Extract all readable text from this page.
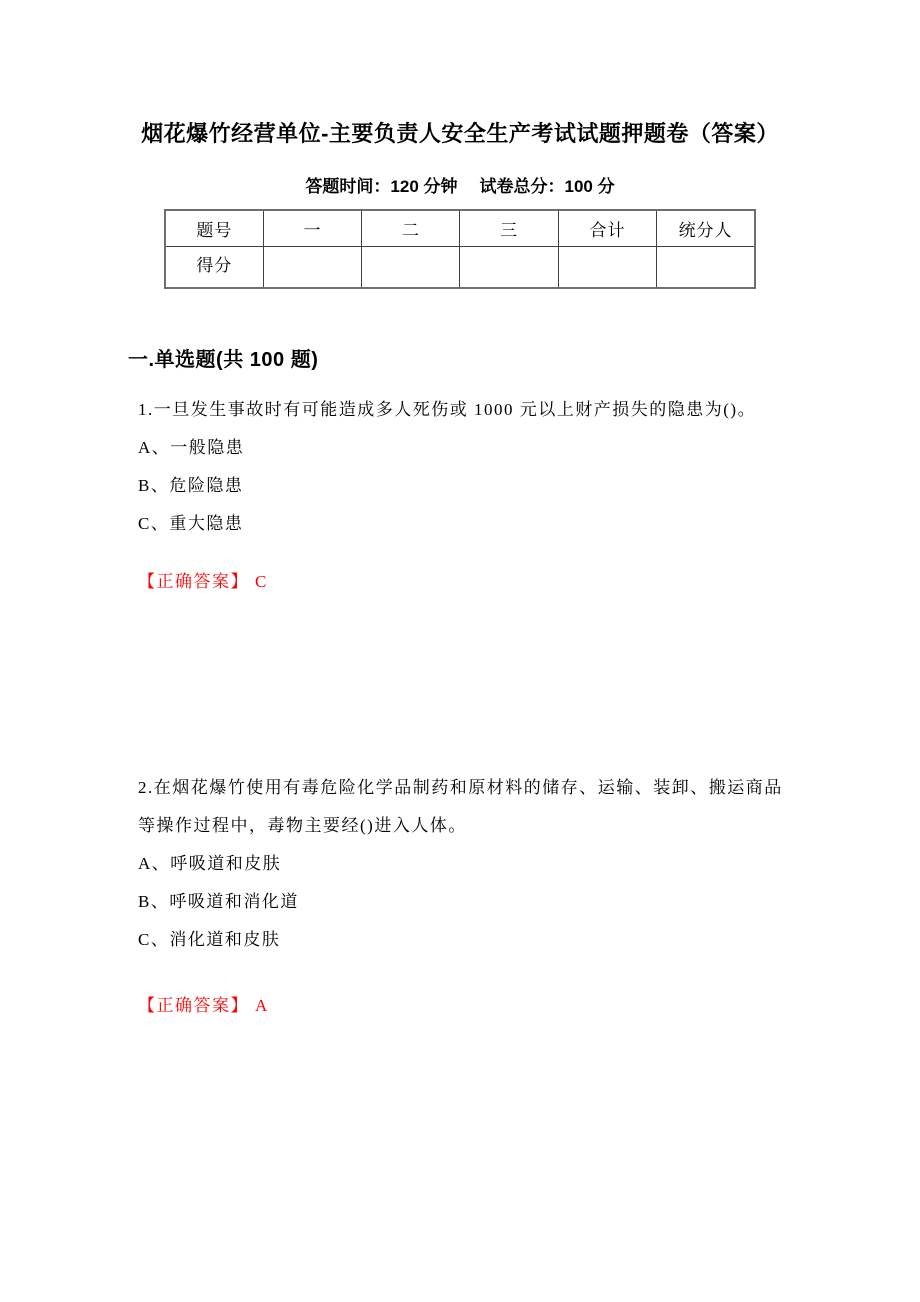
烟花爆竹经营单位-主要负责人安全生产考试试题押题卷（答案）
答题时间：120 分钟 试卷总分：100 分
题号	一	二	三	合计	统分人
得分					
一.单选题(共 100 题)

1.一旦发生事故时有可能造成多人死伤或 1000 元以上财产损失的隐患为()。

A、一般隐患
B、危险隐患
C、重大隐患
【正确答案】 C

2.在烟花爆竹使用有毒危险化学品制药和原材料的储存、运输、装卸、搬运商品等操作过程中，毒物主要经()进入人体。

A、呼吸道和皮肤
B、呼吸道和消化道
C、消化道和皮肤
【正确答案】 A
